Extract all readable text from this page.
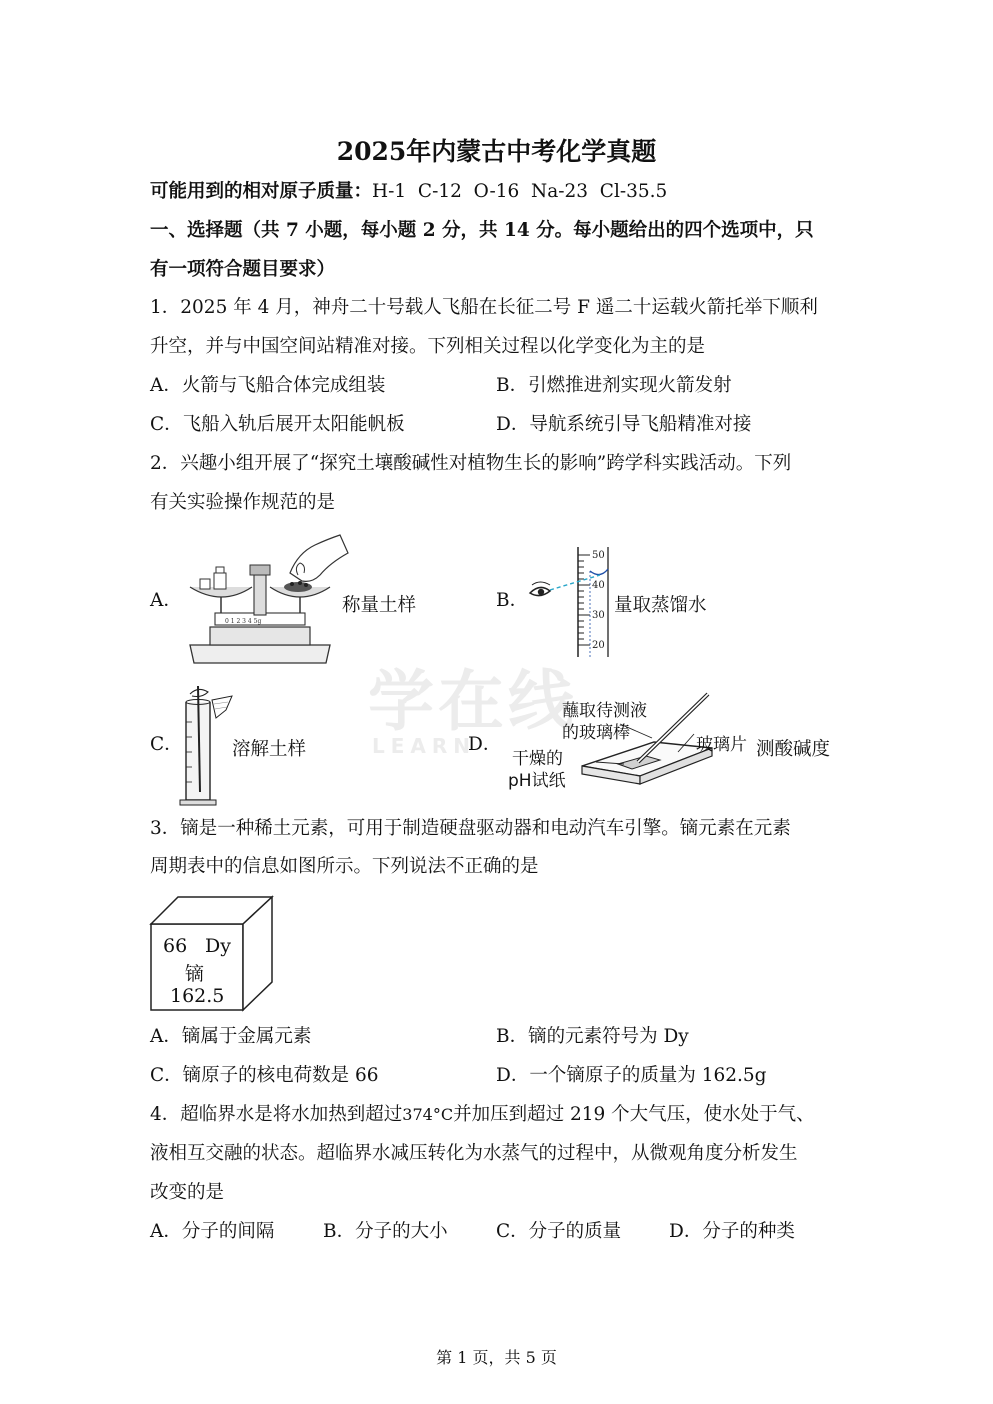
学在线
LEARN
2025年内蒙古中考化学真题
可能用到的相对原子质量：H-1  C-12  O-16  Na-23  Cl-35.5
一、选择题（共 7 小题，每小题 2 分，共 14 分。每小题给出的四个选项中，只
有一项符合题目要求）
1．2025 年 4 月，神舟二十号载人飞船在长征二号 F 遥二十运载火箭托举下顺利
升空，并与中国空间站精准对接。下列相关过程以化学变化为主的是
A．火箭与飞船合体完成组装	B．引燃推进剂实现火箭发射
C．飞船入轨后展开太阳能帆板	D．导航系统引导飞船精准对接
2．兴趣小组开展了“探究土壤酸碱性对植物生长的影响”跨学科实践活动。下列
有关实验操作规范的是
A．
0 1 2 3 4 5g
称量土样	B．
50
40
30
20
量取蒸馏水
C．	溶解土样	D．
蘸取待测液
的玻璃棒
玻璃片
干燥的
pH试纸
测酸碱度
3．镝是一种稀土元素，可用于制造硬盘驱动器和电动汽车引擎。镝元素在元素
周期表中的信息如图所示。下列说法不正确的是
66 Dy
镝
162.5
A．镝属于金属元素	B．镝的元素符号为 Dy
C．镝原子的核电荷数是 66	D．一个镝原子的质量为 162.5g
4．超临界水是将水加热到超过374°C并加压到超过 219 个大气压，使水处于气、
液相互交融的状态。超临界水减压转化为水蒸气的过程中，从微观角度分析发生
改变的是
A．分子的间隔	B．分子的大小	C．分子的质量	D．分子的种类
第 1 页，共 5 页
